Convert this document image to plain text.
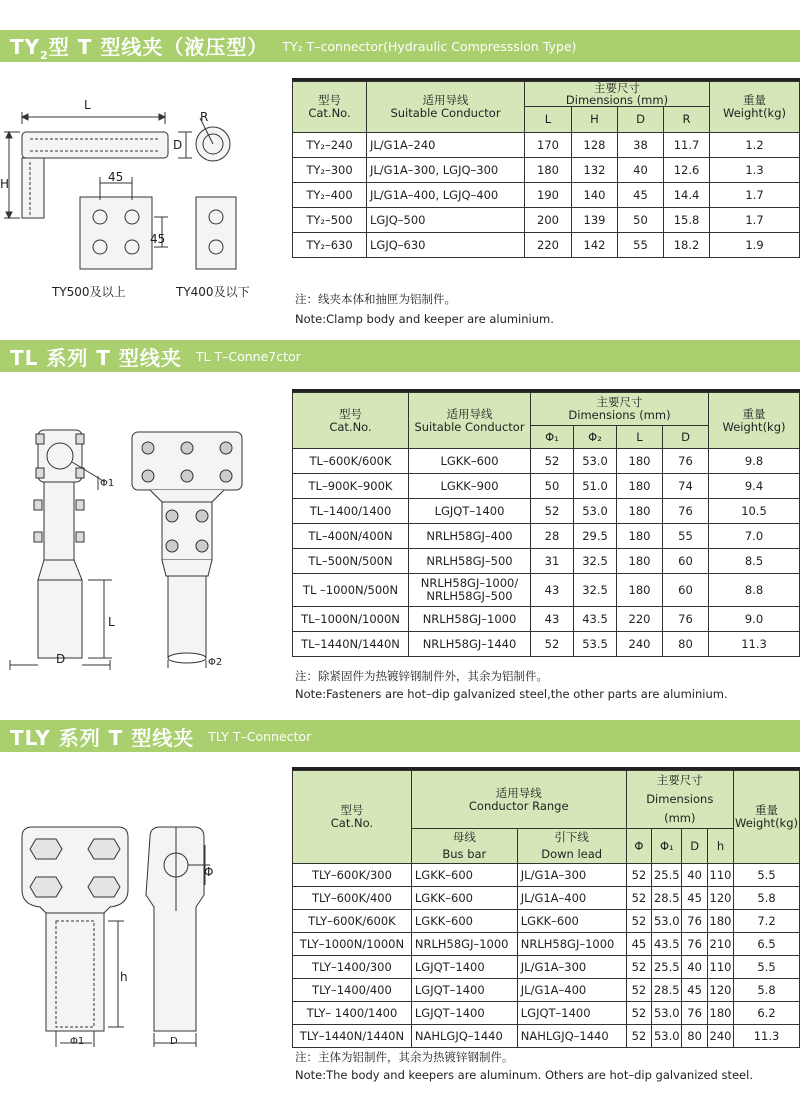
$TY_2$型 T 型线夹（液压型） TY₂ T–connector(Hydraulic Compresssion Type)
L
R
D
H	45
45
TY500及以上	TY400及以下
型号
Cat.No.	适用导线
Suitable Conductor	主要尺寸
Dimensions (mm)				重量
Weight(kg)
		L	H	D	R	
TY₂–240	JL/G1A–240	170	128	38	11.7	1.2
TY₂–300	JL/G1A–300, LGJQ–300	180	132	40	12.6	1.3
TY₂–400	JL/G1A–400, LGJQ–400	190	140	45	14.4	1.7
TY₂–500	LGJQ–500	200	139	50	15.8	1.7
TY₂–630	LGJQ–630	220	142	55	18.2	1.9
注：线夹本体和抽匣为铝制件。
Note:Clamp body and keeper are aluminium.
TL 系列 T 型线夹 TL T–Conne7ctor
Φ1
L
D	Φ2
型号
Cat.No.	适用导线
Suitable Conductor	主要尺寸
Dimensions (mm)				重量
Weight(kg)
		Φ₁	Φ₂	L	D	
TL–600K/600K	LGKK–600	52	53.0	180	76	9.8
TL–900K–900K	LGKK–900	50	51.0	180	74	9.4
TL–1400/1400	LGJQT–1400	52	53.0	180	76	10.5
TL–400N/400N	NRLH58GJ–400	28	29.5	180	55	7.0
TL–500N/500N	NRLH58GJ–500	31	32.5	180	60	8.5
TL –1000N/500N	NRLH58GJ–1000/
NRLH58GJ–500	43	32.5	180	60	8.8
TL–1000N/1000N	NRLH58GJ–1000	43	43.5	220	76	9.0
TL–1440N/1440N	NRLH58GJ–1440	52	53.5	240	80	11.3
注：除紧固件为热镀锌钢制件外，其余为铝制件。
Note:Fasteners are hot–dip galvanized steel,the other parts are aluminium.
TLY 系列 T 型线夹 TLY T–Connector
Φ
h
Φ1	D
型号
Cat.No.	适用导线
Conductor Range		主要尺寸
Dimensions
(mm)				重量
Weight(kg)
	母线
Bus bar	引下线
Down lead	Φ	Φ₁	D	h	
TLY–600K/300	LGKK–600	JL/G1A–300	52	25.5	40	110	5.5
TLY–600K/400	LGKK–600	JL/G1A–400	52	28.5	45	120	5.8
TLY–600K/600K	LGKK–600	LGKK–600	52	53.0	76	180	7.2
TLY–1000N/1000N	NRLH58GJ–1000	NRLH58GJ–1000	45	43.5	76	210	6.5
TLY–1400/300	LGJQT–1400	JL/G1A–300	52	25.5	40	110	5.5
TLY–1400/400	LGJQT–1400	JL/G1A–400	52	28.5	45	120	5.8
TLY– 1400/1400	LGJQT–1400	LGJQT–1400	52	53.0	76	180	6.2
TLY–1440N/1440N	NAHLGJQ–1440	NAHLGJQ–1440	52	53.0	80	240	11.3
注：主体为铝制件，其余为热镀锌钢制件。
Note:The body and keepers are aluminum. Others are hot–dip galvanized steel.
